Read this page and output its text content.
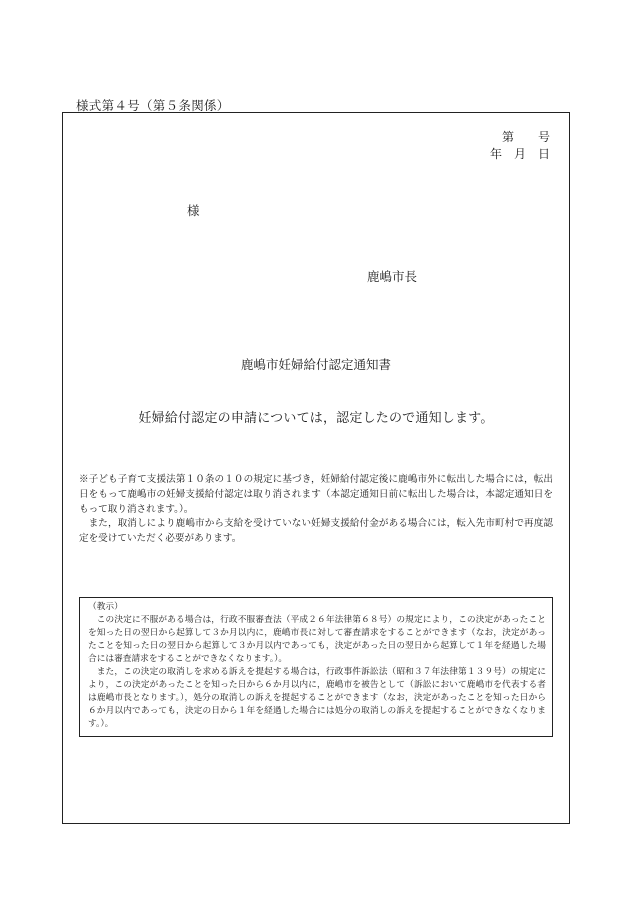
様式第４号（第５条関係）
第　　号
年　月　日
様
鹿嶋市長
鹿嶋市妊婦給付認定通知書
妊婦給付認定の申請については，認定したので通知します。

※子ども子育て支援法第１０条の１０の規定に基づき，妊婦給付認定後に鹿嶋市外に転出した場合には，転出日をもって鹿嶋市の妊婦支援給付認定は取り消されます（本認定通知日前に転出した場合は，本認定通知日をもって取り消されます。）。

また，取消しにより鹿嶋市から支給を受けていない妊婦支援給付金がある場合には，転入先市町村で再度認定を受けていただく必要があります。

（教示）

この決定に不服がある場合は，行政不服審査法（平成２６年法律第６８号）の規定により，この決定があったことを知った日の翌日から起算して３か月以内に，鹿嶋市長に対して審査請求をすることができます（なお，決定があったことを知った日の翌日から起算して３か月以内であっても，決定があった日の翌日から起算して１年を経過した場合には審査請求をすることができなくなります。）。

また，この決定の取消しを求める訴えを提起する場合は，行政事件訴訟法（昭和３７年法律第１３９号）の規定により，この決定があったことを知った日から６か月以内に，鹿嶋市を被告として（訴訟において鹿嶋市を代表する者は鹿嶋市長となります。），処分の取消しの訴えを提起することができます（なお，決定があったことを知った日から６か月以内であっても，決定の日から１年を経過した場合には処分の取消しの訴えを提起することができなくなります。）。
